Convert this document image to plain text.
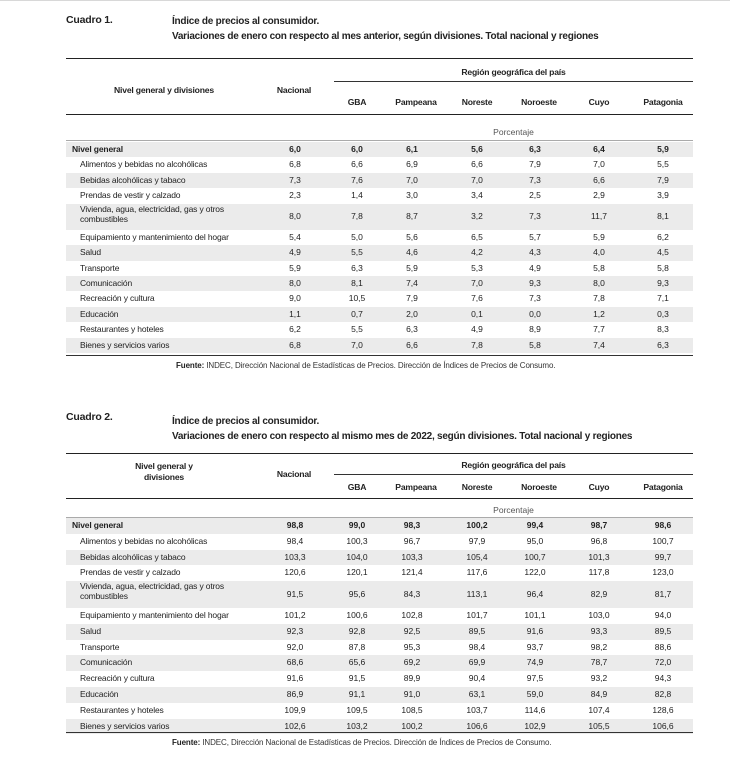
Cuadro 1.	Índice de precios al consumidor.
Variaciones de enero con respecto al mes anterior, según divisiones. Total nacional y regiones
Nivel general y divisiones	Nacional
Región geográfica del país
GBA	Pampeana	Noreste	Noroeste	Cuyo	Patagonia
Porcentaje
Nivel general	6,0	6,0	6,1	5,6	6,3	6,4	5,9
Alimentos y bebidas no alcohólicas	6,8	6,6	6,9	6,6	7,9	7,0	5,5
Bebidas alcohólicas y tabaco	7,3	7,6	7,0	7,0	7,3	6,6	7,9
Prendas de vestir y calzado	2,3	1,4	3,0	3,4	2,5	2,9	3,9
Vivienda, agua, electricidad, gas y otros combustibles	8,0	7,8	8,7	3,2	7,3	11,7	8,1
Equipamiento y mantenimiento del hogar	5,4	5,0	5,6	6,5	5,7	5,9	6,2
Salud	4,9	5,5	4,6	4,2	4,3	4,0	4,5
Transporte	5,9	6,3	5,9	5,3	4,9	5,8	5,8
Comunicación	8,0	8,1	7,4	7,0	9,3	8,0	9,3
Recreación y cultura	9,0	10,5	7,9	7,6	7,3	7,8	7,1
Educación	1,1	0,7	2,0	0,1	0,0	1,2	0,3
Restaurantes y hoteles	6,2	5,5	6,3	4,9	8,9	7,7	8,3
Bienes y servicios varios	6,8	7,0	6,6	7,8	5,8	7,4	6,3
Fuente: INDEC, Dirección Nacional de Estadísticas de Precios. Dirección de Índices de Precios de Consumo.
Cuadro 2.	Índice de precios al consumidor.
Variaciones de enero con respecto al mismo mes de 2022, según divisiones. Total nacional y regiones
Nivel general y
divisiones	Nacional
Región geográfica del país
GBA	Pampeana	Noreste	Noroeste	Cuyo	Patagonia
Porcentaje
Nivel general	98,8	99,0	98,3	100,2	99,4	98,7	98,6
Alimentos y bebidas no alcohólicas	98,4	100,3	96,7	97,9	95,0	96,8	100,7
Bebidas alcohólicas y tabaco	103,3	104,0	103,3	105,4	100,7	101,3	99,7
Prendas de vestir y calzado	120,6	120,1	121,4	117,6	122,0	117,8	123,0
Vivienda, agua, electricidad, gas y otros combustibles	91,5	95,6	84,3	113,1	96,4	82,9	81,7
Equipamiento y mantenimiento del hogar	101,2	100,6	102,8	101,7	101,1	103,0	94,0
Salud	92,3	92,8	92,5	89,5	91,6	93,3	89,5
Transporte	92,0	87,8	95,3	98,4	93,7	98,2	88,6
Comunicación	68,6	65,6	69,2	69,9	74,9	78,7	72,0
Recreación y cultura	91,6	91,5	89,9	90,4	97,5	93,2	94,3
Educación	86,9	91,1	91,0	63,1	59,0	84,9	82,8
Restaurantes y hoteles	109,9	109,5	108,5	103,7	114,6	107,4	128,6
Bienes y servicios varios	102,6	103,2	100,2	106,6	102,9	105,5	106,6
Fuente: INDEC, Dirección Nacional de Estadísticas de Precios. Dirección de Índices de Precios de Consumo.
